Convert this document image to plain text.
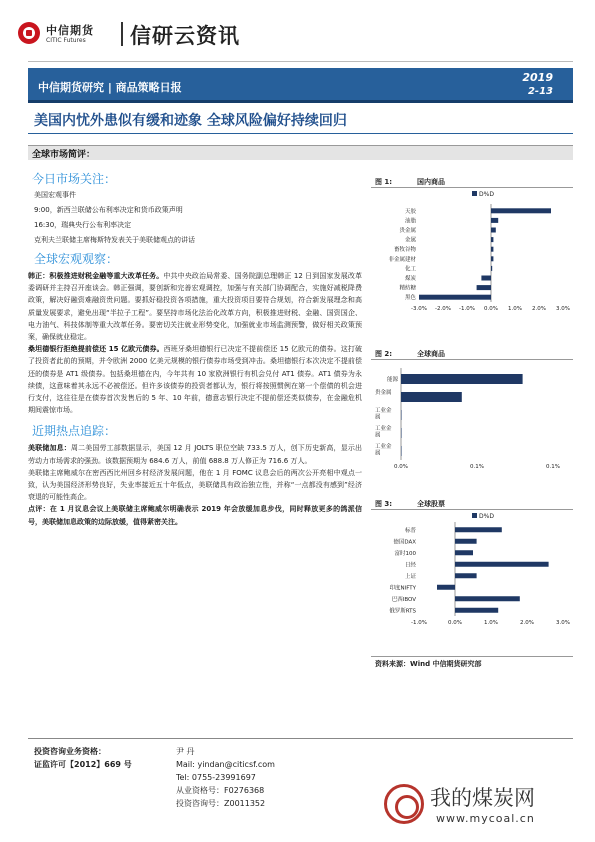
中信期货
CITIC Futures 信研云资讯
中信期货研究 | 商品策略日报
2019
2-13
美国内忧外患似有缓和迹象 全球风险偏好持续回归
全球市场简评：
今日市场关注：
美国宏观事件
9:00，新西兰联储公布利率决定和货币政策声明
16:30，瑞典央行公布利率决定
克利夫兰联储主席梅斯特发表关于美联储观点的讲话
全球宏观观察：

韩正：积极推进财税金融等重大改革任务。中共中央政治局常委、国务院副总理韩正 12 日到国家发展改革委调研并主持召开座谈会。韩正强调，要创新和完善宏观调控，加强与有关部门协调配合，实施好减税降费政策，解决好融资难融资贵问题。要抓好稳投资各项措施，重大投资项目要符合规划，符合新发展理念和高质量发展要求，避免出现“半拉子工程”。要坚持市场化法治化改革方向，积极推进财税、金融、国资国企、电力油气、科技体制等重大改革任务。要密切关注就业形势变化，加强就业市场监测预警，做好相关政策预案，确保就业稳定。

桑坦德银行拒绝提前偿还 15 亿欧元债券。西班牙桑坦德银行已决定不提前偿还 15 亿欧元的债券。这打破了投资者此前的预期，并令欧洲 2000 亿美元规模的银行债券市场受到冲击。桑坦德银行本次决定不提前偿还的债券是 AT1 级债券。包括桑坦德在内，今年共有 10 家欧洲银行有机会兑付 AT1 债券。AT1 债券为永续债，这意味着其永远不必被偿还。但许多该债券的投资者都认为，银行将按照惯例在第一个偿债的机会进行支付，这往往是在债券首次发售后的 5 年、10 年前，德意志银行决定不提前偿还类似债券，在金融危机期间震惊市场。

近期热点追踪：

美联储加息：周二美国劳工部数据显示，美国 12 月 JOLTS 职位空缺 733.5 万人，创下历史新高，显示出劳动力市场需求的强劲。该数据预期为 684.6 万人，前值 688.8 万人修正为 716.6 万人。

美联储主席鲍威尔在密西西比州回乡村经济发展问题，他在 1 月 FOMC 议息会后的两次公开亮相中观点一致，认为美国经济形势良好，失业率接近五十年低点，美联储具有政治独立性，并称“一点都没有感到”经济衰退的可能性高企。

点评：在 1 月议息会议上美联储主席鲍威尔明确表示 2019 年会放缓加息步伐，同时释放更多的鸽派信号，美联储加息政策的边际放缓，值得紧密关注。

图 1:	国内商品
D%D
天胶
油脂
贵金属
金属
畜牧谷物
非金属建材
化工
煤炭
精纺糖
黑色
-3.0% -2.0% -1.0% 0.0% 1.0% 2.0% 3.0%
图 2:	全球商品
能源
贵金属
工业金属
工业金属
工业金属
0.0%	0.1%	0.1%
图 3:	全球股票
D%D
标普
德国DAX
富时100
日经
上证
印度NIFTY
巴西IBOV
俄罗斯RTS
-1.0%	0.0%	1.0%	2.0%	3.0%
资料来源：Wind 中信期货研究部
投资咨询业务资格：
证监许可【2012】669 号
尹 丹
Mail: yindan@citicsf.com
Tel: 0755-23991697
从业资格号：F0276368
投资咨询号：Z0011352	我的煤炭网
www.mycoal.cn
